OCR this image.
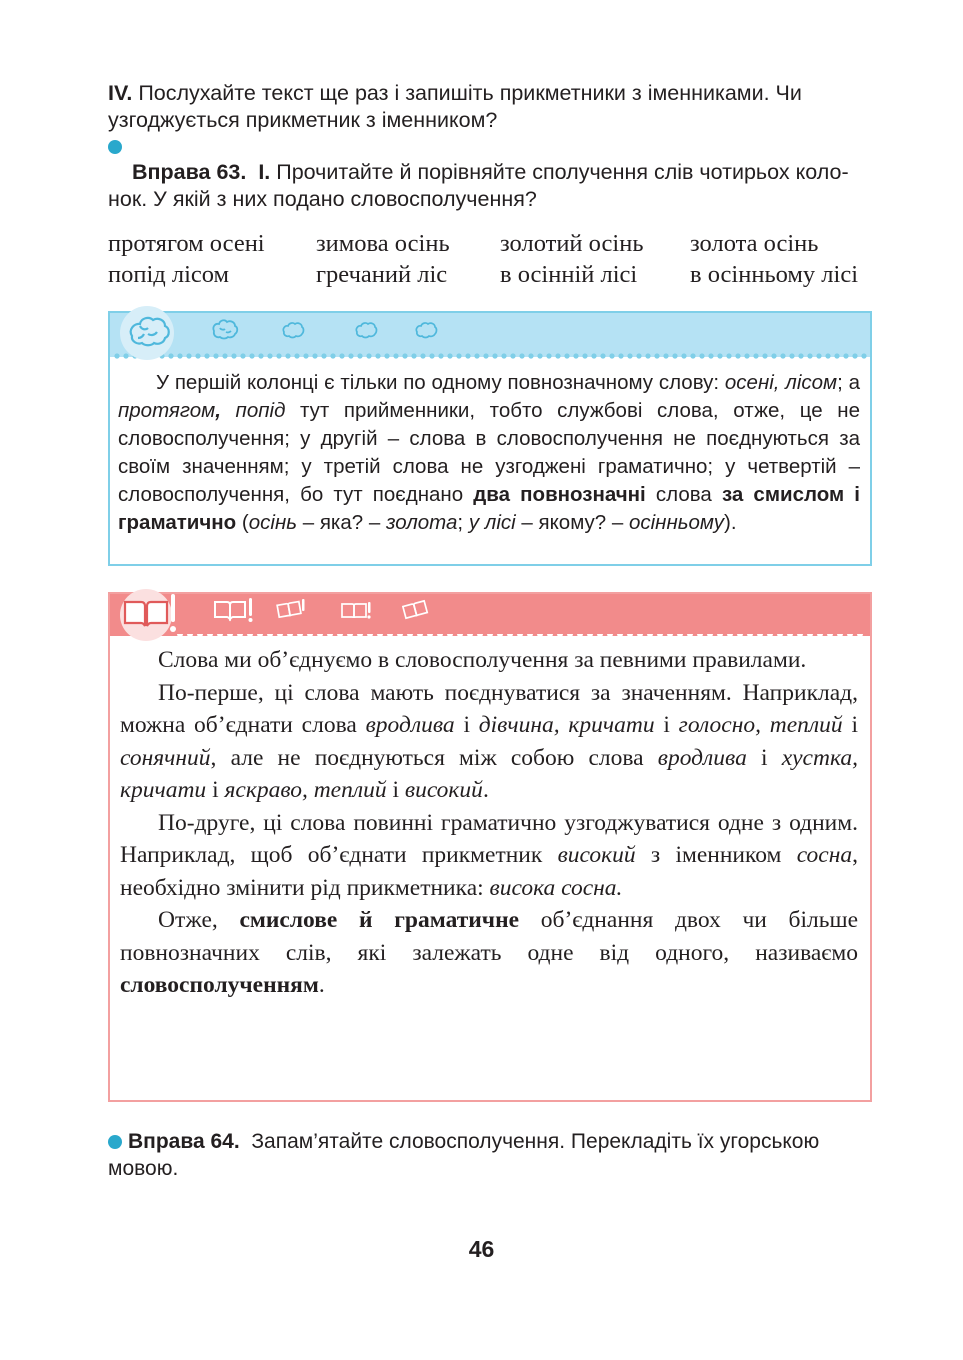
IV. Послухайте текст ще раз і запишіть прикметники з іменниками. Чи узгоджується прикметник з іменником?
Вправа 63. І. Прочитайте й порівняйте сполучення слів чотирьох коло-
нок. У якій з них подано словосполучення?
протягом осені
попід лісом
зимова осінь
гречаний ліс
золотий осінь
в осінній лісі
золота осінь
в осінньому лісі

У першій колонці є тільки по одному повнозначному слову: осені, лісом; а протягом, попід тут прийменники, тобто службові слова, отже, це не словосполучення; у другій – слова в словосполучення не поєднуються за своїм значенням; у третій слова не узгоджені граматично; у четвертій – словосполучення, бо тут поєднано два повнозначні слова за смислом і граматично (осінь – яка? – золота; у лісі – якому? – осінньому).

Слова ми об’єднуємо в словосполучення за певними правилами.

По-перше, ці слова мають поєднуватися за значенням. Наприклад, можна об’єднати слова вродлива і дівчина, кричати і голосно, теплий і сонячний, але не поєднуються між собою слова вродлива і хустка, кричати і яскраво, теплий і високий.

По-друге, ці слова повинні граматично узгоджуватися одне з одним. Наприклад, щоб об’єднати прикметник високий з іменником сосна, необхідно змінити рід прикметника: висока сосна.

Отже, смислове й граматичне об’єднання двох чи більше повнозначних слів, які залежать одне від одного, називаємо словосполученням.

Вправа 64. Запам’ятайте словосполучення. Перекладіть їх угорською мовою.
46
